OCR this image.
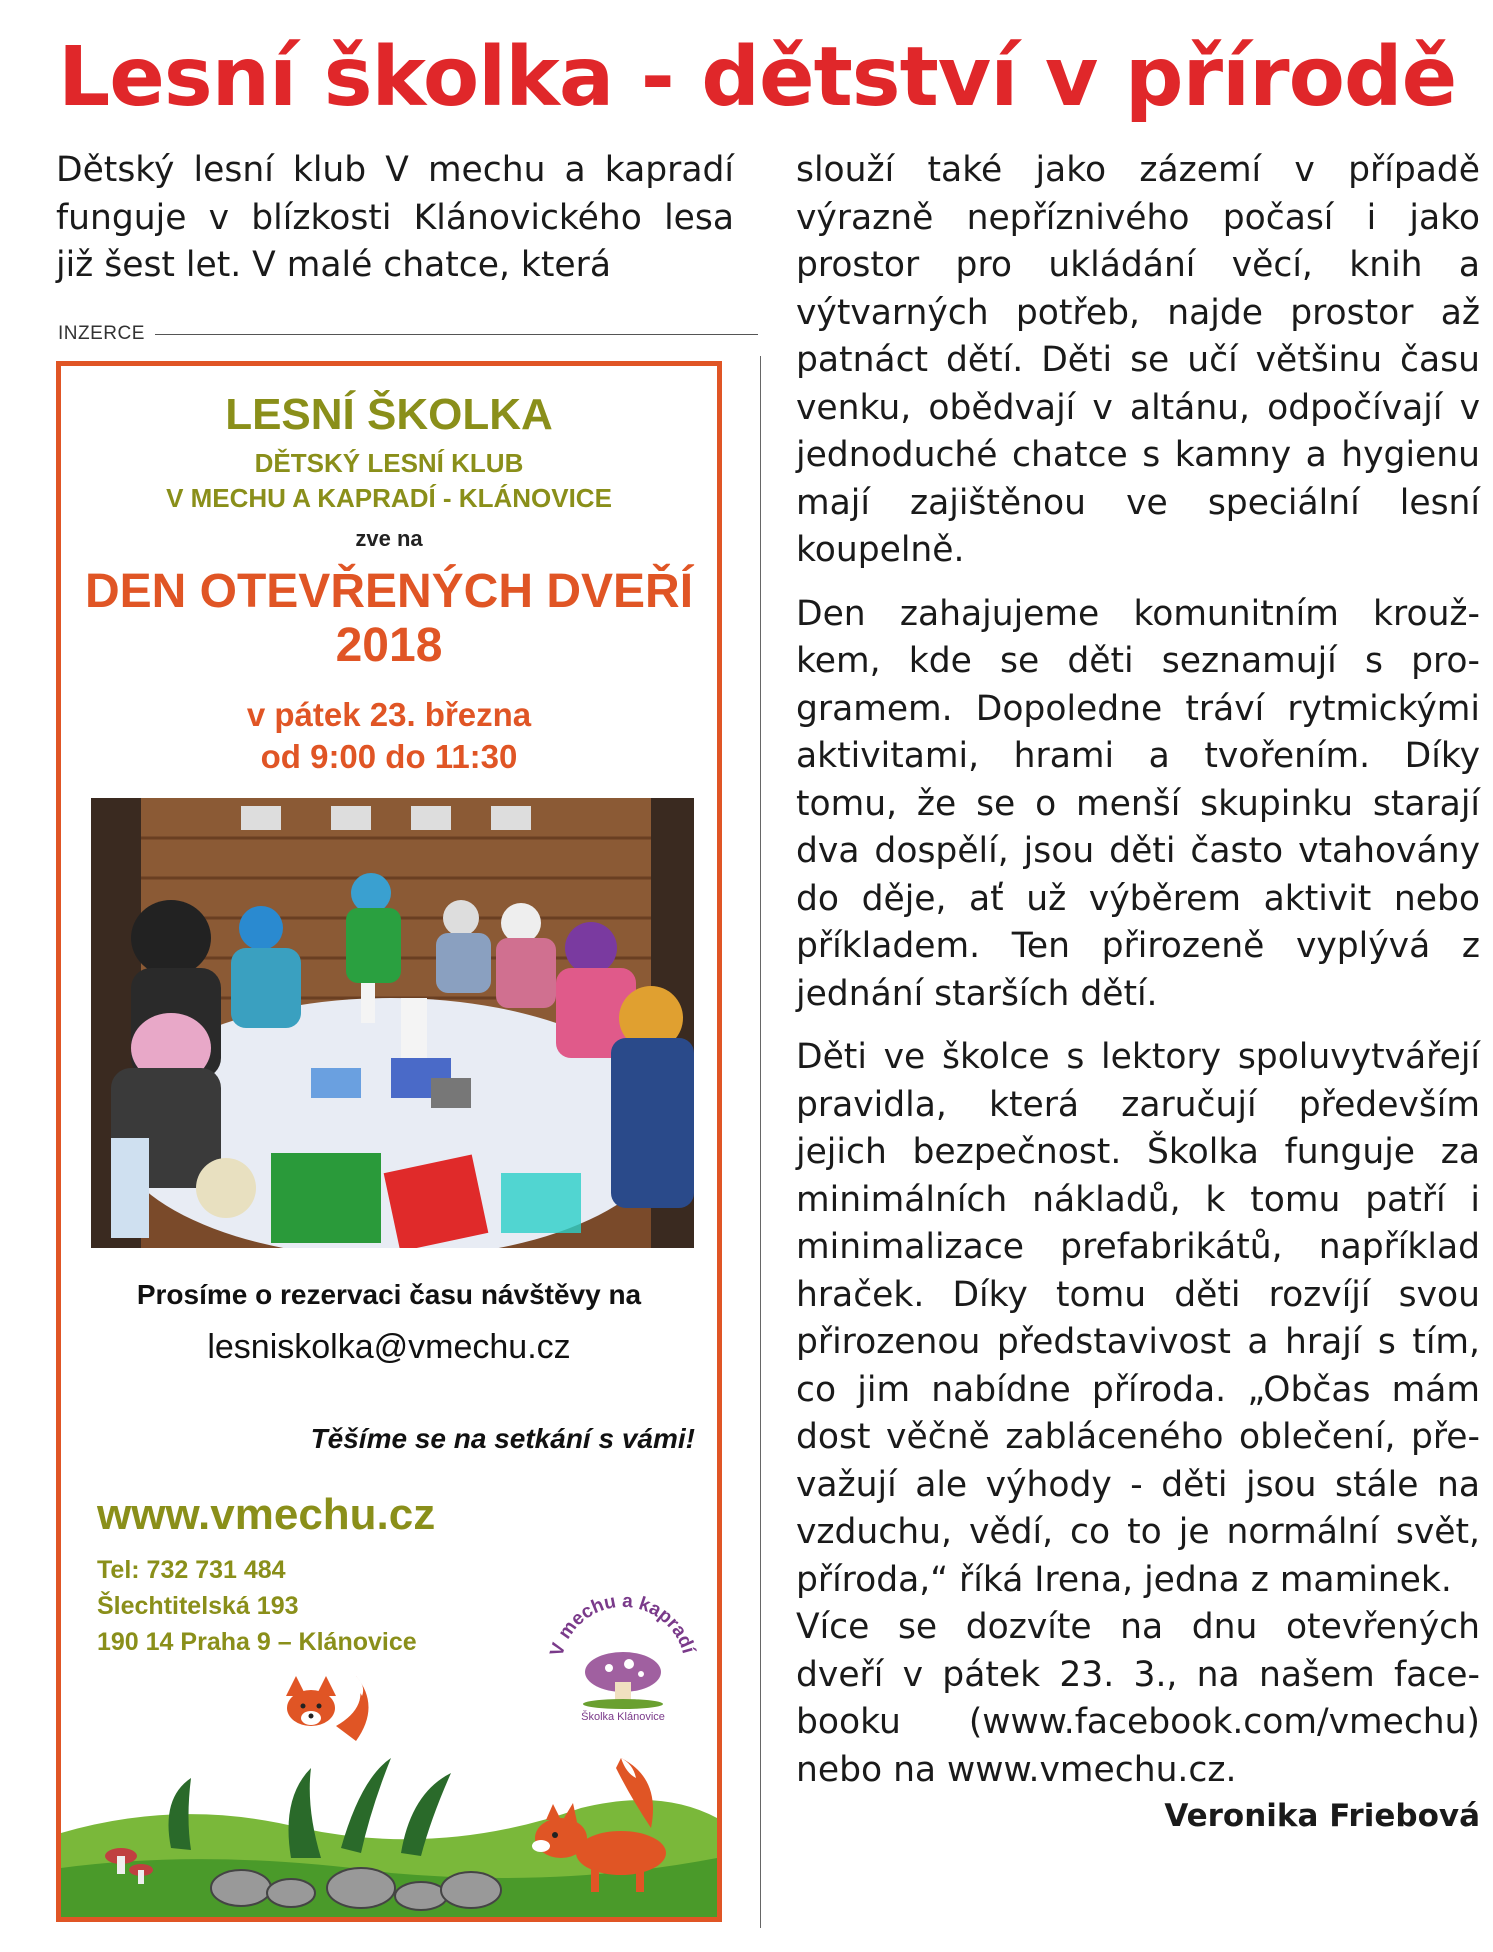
Lesní školka - dětství v přírodě

Dětský lesní klub V mechu a kapradí funguje v blízkosti Klánovického lesa již šest let. V malé chatce, která

INZERCE
LESNÍ ŠKOLKA
DĚTSKÝ LESNÍ KLUB
V MECHU A KAPRADÍ - KLÁNOVICE
zve na
DEN OTEVŘENÝCH DVEŘÍ
2018
v pátek 23. března
od 9:00 do 11:30
Prosíme o rezervaci času návštěvy na
lesniskolka@vmechu.cz
Těšíme se na setkání s vámi!
www.vmechu.cz
Tel: 732 731 484
Šlechtitelská 193
190 14 Praha 9 – Klánovice	V mechu a kapradí
Školka Klánovice

slouží také jako zázemí v případě výrazně nepříznivého počasí i jako prostor pro ukládání věcí, knih a výtvarných potřeb, najde prostor až patnáct dětí. Děti se učí většinu času venku, obědvají v altánu, odpočívají v jednoduché chatce s kamny a hygienu mají zajištěnou ve speciální lesní koupelně.

Den zahajujeme komunitním kroužkem, kde se děti seznamují s programem. Dopoledne tráví rytmickými aktivitami, hrami a tvořením. Díky tomu, že se o menší skupinku starají dva dospělí, jsou děti často vtahovány do děje, ať už výběrem aktivit nebo příkladem. Ten přirozeně vyplývá z jednání starších dětí.

Děti ve školce s lektory spoluvytvářejí pravidla, která zaručují především jejich bezpečnost. Školka funguje za minimálních nákladů, k tomu patří i minimalizace prefabrikátů, například hraček. Díky tomu děti rozvíjí svou přirozenou představivost a hrají s tím, co jim nabídne příroda. „Občas mám dost věčně zabláceného oblečení, převažují ale výhody - děti jsou stále na vzduchu, vědí, co to je normální svět, příroda,“ říká Irena, jedna z maminek.

Více se dozvíte na dnu otevřených dveří v pátek 23. 3., na našem facebooku (www.facebook.com/vmechu) nebo na www.vmechu.cz.

Veronika Friebová
